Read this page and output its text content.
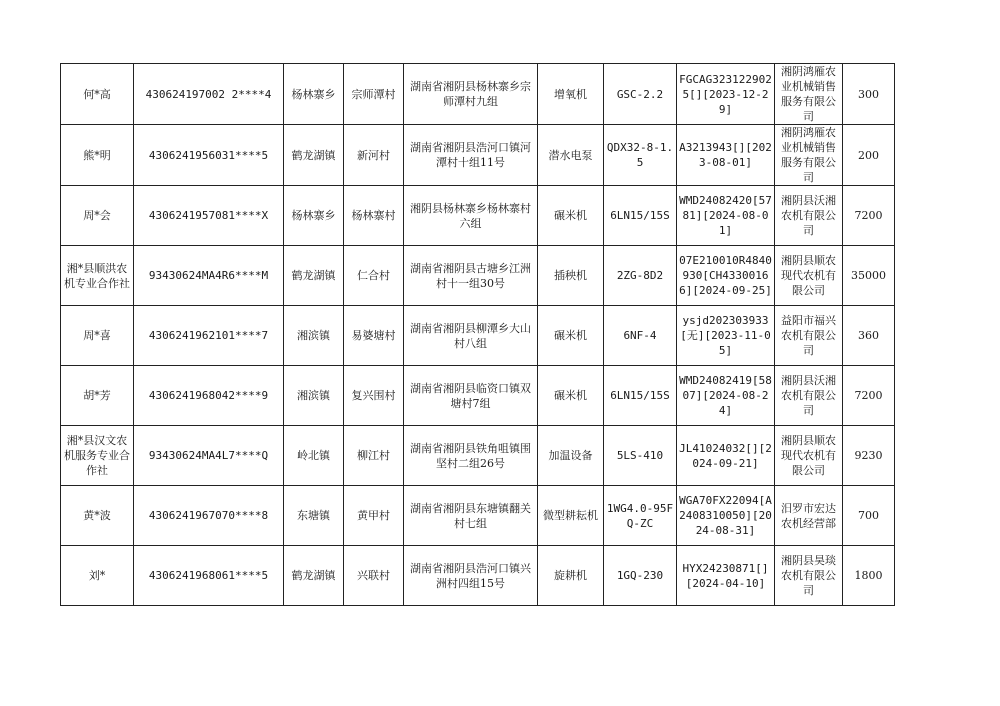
何*高	430624197002 2****4	杨林寨乡	宗师潭村	湖南省湘阴县杨林寨乡宗师潭村九组	增氧机	GSC-2.2	FGCAG3231229025[][2023-12-29]	湘阴鸿雁农业机械销售服务有限公司	300
熊*明	4306241956031****5	鹤龙湖镇	新河村	湖南省湘阴县浩河口镇河潭村十组11号	潜水电泵	QDX32-8-1.5	A3213943[][2023-08-01]	湘阴鸿雁农业机械销售服务有限公司	200
周*会	4306241957081****X	杨林寨乡	杨林寨村	湘阴县杨林寨乡杨林寨村六组	碾米机	6LN15/15S	WMD24082420[5781][2024-08-01]	湘阴县沃湘农机有限公司	7200
湘*县顺洪农机专业合作社	93430624MA4R6****M	鹤龙湖镇	仁合村	湖南省湘阴县古塘乡江洲村十一组30号	插秧机	2ZG-8D2	07E210010R4840930[CH43300166][2024-09-25]	湘阴县顺农现代农机有限公司	35000
周*喜	4306241962101****7	湘滨镇	易婆塘村	湖南省湘阴县柳潭乡大山村八组	碾米机	6NF-4	ysjd202303933[无][2023-11-05]	益阳市福兴农机有限公司	360
胡*芳	4306241968042****9	湘滨镇	复兴围村	湖南省湘阴县临资口镇双塘村7组	碾米机	6LN15/15S	WMD24082419[5807][2024-08-24]	湘阴县沃湘农机有限公司	7200
湘*县汉文农机服务专业合作社	93430624MA4L7****Q	岭北镇	柳江村	湖南省湘阴县铁角咀镇围坚村二组26号	加温设备	5LS-410	JL41024032[][2024-09-21]	湘阴县顺农现代农机有限公司	9230
黄*波	4306241967070****8	东塘镇	黄甲村	湖南省湘阴县东塘镇翻关村七组	微型耕耘机	1WG4.0-95FQ-ZC	WGA70FX22094[A2408310050][2024-08-31]	汨罗市宏达农机经营部	700
刘*	4306241968061****5	鹤龙湖镇	兴联村	湖南省湘阴县浩河口镇兴洲村四组15号	旋耕机	1GQ-230	HYX24230871[][2024-04-10]	湘阴县昊琰农机有限公司	1800
